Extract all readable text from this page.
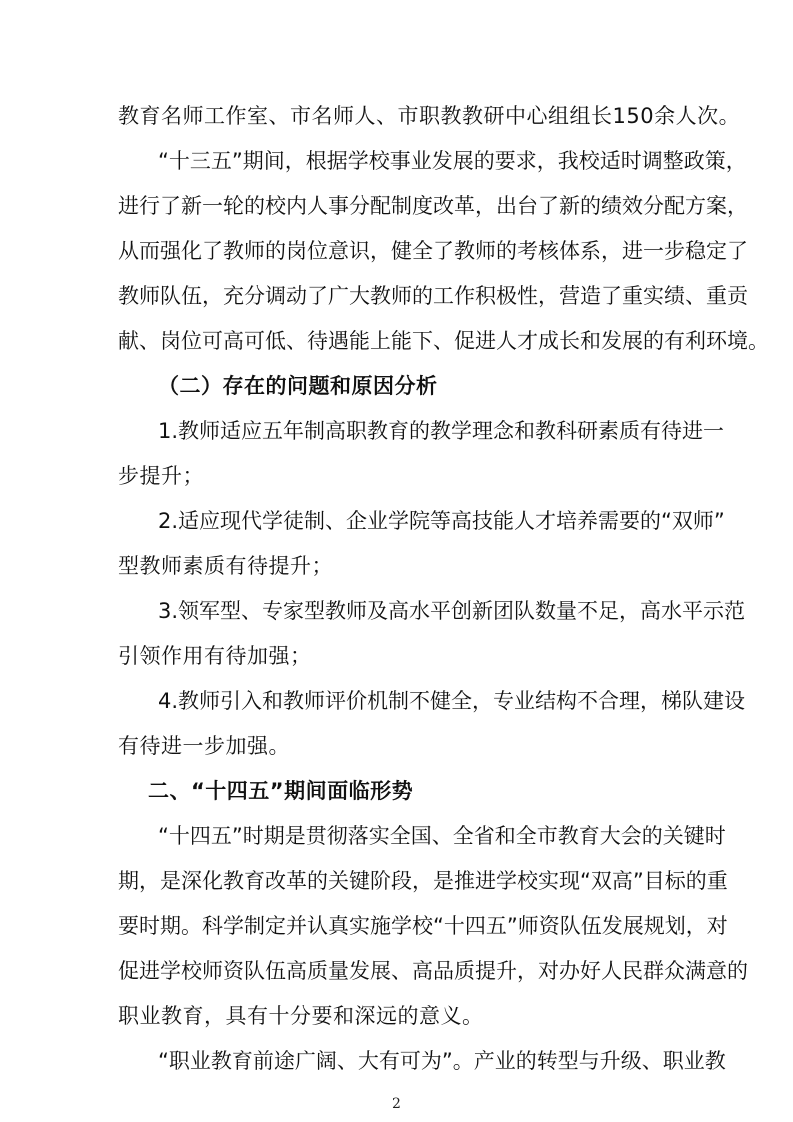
教育名师工作室、市名师人、市职教教研中心组组长150余人次。
“十三五”期间，根据学校事业发展的要求，我校适时调整政策，
进行了新一轮的校内人事分配制度改革，出台了新的绩效分配方案，
从而强化了教师的岗位意识，健全了教师的考核体系，进一步稳定了
教师队伍，充分调动了广大教师的工作积极性，营造了重实绩、重贡
献、岗位可高可低、待遇能上能下、促进人才成长和发展的有利环境。
（二）存在的问题和原因分析
1.教师适应五年制高职教育的教学理念和教科研素质有待进一
步提升；
2.适应现代学徒制、企业学院等高技能人才培养需要的“双师”
型教师素质有待提升；
3.领军型、专家型教师及高水平创新团队数量不足，高水平示范
引领作用有待加强；
4.教师引入和教师评价机制不健全，专业结构不合理，梯队建设
有待进一步加强。
二、“十四五”期间面临形势
“十四五”时期是贯彻落实全国、全省和全市教育大会的关键时
期，是深化教育改革的关键阶段，是推进学校实现“双高”目标的重
要时期。科学制定并认真实施学校“十四五”师资队伍发展规划，对
促进学校师资队伍高质量发展、高品质提升，对办好人民群众满意的
职业教育，具有十分要和深远的意义。
“职业教育前途广阔、大有可为”。产业的转型与升级、职业教
2
